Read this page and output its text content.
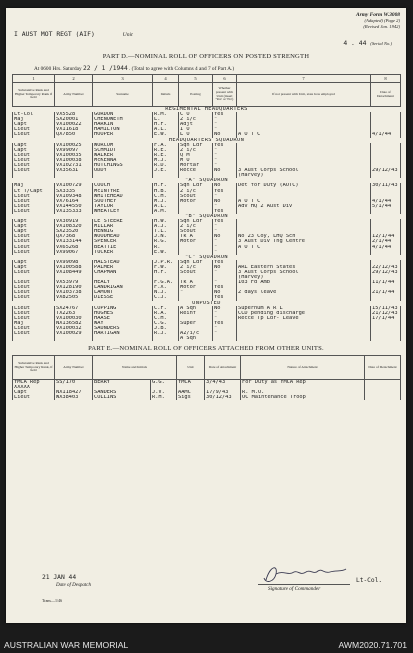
Army Form W.3008
(Adapted) (Page 2)
(Revised Jan. 1942)
I AUST MOT REGT (AIF)	Unit
4 . 44 (Serial No.)
PART D.—NOMINAL ROLL OF OFFICERS ON POSTED STRENGTH
At 0600 Hrs. Saturday 22 / 1 /1944 . (Total to agree with Columns 4 and 7 of Part A.)
1	2	3	4	5	6	7	8
Substantive Rank and Higher Temporary Rank if held	Army Number	Surname	Initials	Posting	Whether present with Unit (insert 'Yes' or 'No')	If not present with Unit, state how employed	Date of Detachment
REGIMENTAL HEADQUARTERS							
Lt-Col	VX5528	GORDON	R.M.	C O	Yes		
Maj	SX20001	CHENOWETH	L.	2 i/c	"		
Capt	VX100022	HARKIN	H.F.	Adjt	"		
Lieut	VX11618	HAMILTON	A.L.	I O	"		
Lieut	QX7850	HOOPER	E.W.	L O	No	A O T C	4/1/44
HEADQUARTERS SQUADRON							
Capt	VX100025	WORCOM	F.A.	Sqn Ldr	Yes		
Capt	VX99097	SCHMIDT	R.E.	2 i/c	"		
Lieut	VX100035	WALKER	R.E.	Q M	"		
Lieut	VX100038	McKENNA	M.J.	M O	"		
Lieut	VX102731	HUTCHINGS	R.D.	Mortar	"		
Lieut	VX3563I	ODDY	J.E.	Recce	No	3 Aust Corps School	29/12/43
						(Harvey)	
"A" SQUADRON							
Maj	VX100729	COUCH	H.F.	Sqn Ldr	No	Det for Duty (AOTC)	30/11/43
Lt T/Capt	SX3335	McINTYRE	H.B.	2 i/c	Yes		
Lieut	VX109348	WHITEHEAD	C.H.	Scout	"		
Lieut	VX76164	SOUTHEY	M.J.	Motor	No	A O T C	4/1/44
Lieut	VX144550	TAYLOR	A.L.		"	Adv HQ 2 Aust Div	5/1/44
Lieut	VX135333	WHEATLEY	A.M.		Yes		
"B" SQUADRON							
Capt	VX30919	LE STEERE	H.W.	Sqn Ldr	Yes		
Capt	VX108320	MILLAR	A.J.	2 i/c	"		
Capt	SX23520	HENNIG	T.L.	Scout	"		
Lieut	QX7368	WOODHEAD	J.N.	Tk A	No	No 23 Coy, LHQ Sch	12/1/44
Lieut	VX133144	SPENCER	R.G.	Motor	"	3 Aust Div Tng Centre	2/1/44
Lieut	VX65268	BEATTIE	R.		"	A O T C	4/1/44
Lieut	VX99067	TUCKER	E.W.		"		
"C" SQUADRON							
Capt	VX99098	HALSTEAD	J.P.R.	Sqn Ldr	Yes		
Capt	VX100588	PALMER	F.W.	2 i/c	No	ARL Eastern States	22/12/43
Lieut	VX108449	CHAPMAN	H.F.	Scout	"	3 Aust Corps School	29/12/43
						(Harvey)	
Lieut	VX53979	HEALY	F.G.A.	Tk A	"	103 Fd Amb	11/1/44
Lieut	VX128190	LANDRIGAN	F.X.	Motor	Yes		
Lieut	VX103738	LAMONT	N.J.	"	No	2 days leave	21/1/44
Lieut	VX82505	DIESSE	C.J.		Yes		
UNPOSTED							
Lieut	SX24767	COPPING	C.F.	A Sqn	No	Supernum A R L	15/11/43
Lieut	TX2263	HUGHES	R.A.	Reinf	"	CCD pending discharge	21/12/43
Lieut	VX100030	HAASE	C.H.		"	Recce Tp Ldr- Leave	17/1/44
Maj	NX136582	WAY	C.G.	Super	Yes		
Lieut	VX100032	SAUNDERS	J.B.		"		
Lieut	VX100029	HARTIGAN	R.J.	A2/i/c	"		
				A Sqn			
PART E.—NOMINAL ROLL OF OFFICERS ATTACHED FROM OTHER UNITS.
Substantive Rank and Higher Temporary Rank, if held	Army Number	Name and Initials		Unit	Date of Attachment	Nature of Attachment	Date of Detachment
YMCA Rep	SS/170	BERRY	G.G.	YMCA	3/4/43	For Duty as YMCA Rep	
XXXXX							
Capt	NX118427	SANDERS	J.V.	AAMC	17/9/43	R. M.O.	
Lieut	WX38403	COLLINS	R.H.	Sigs	30/12/43	OC Maintenance Troop	
21 JAN 44
Date of Despatch
Trans—1/46
Signature of Commander
Lt-Col.
AUSTRALIAN WAR MEMORIAL	AWM2020.71.701
